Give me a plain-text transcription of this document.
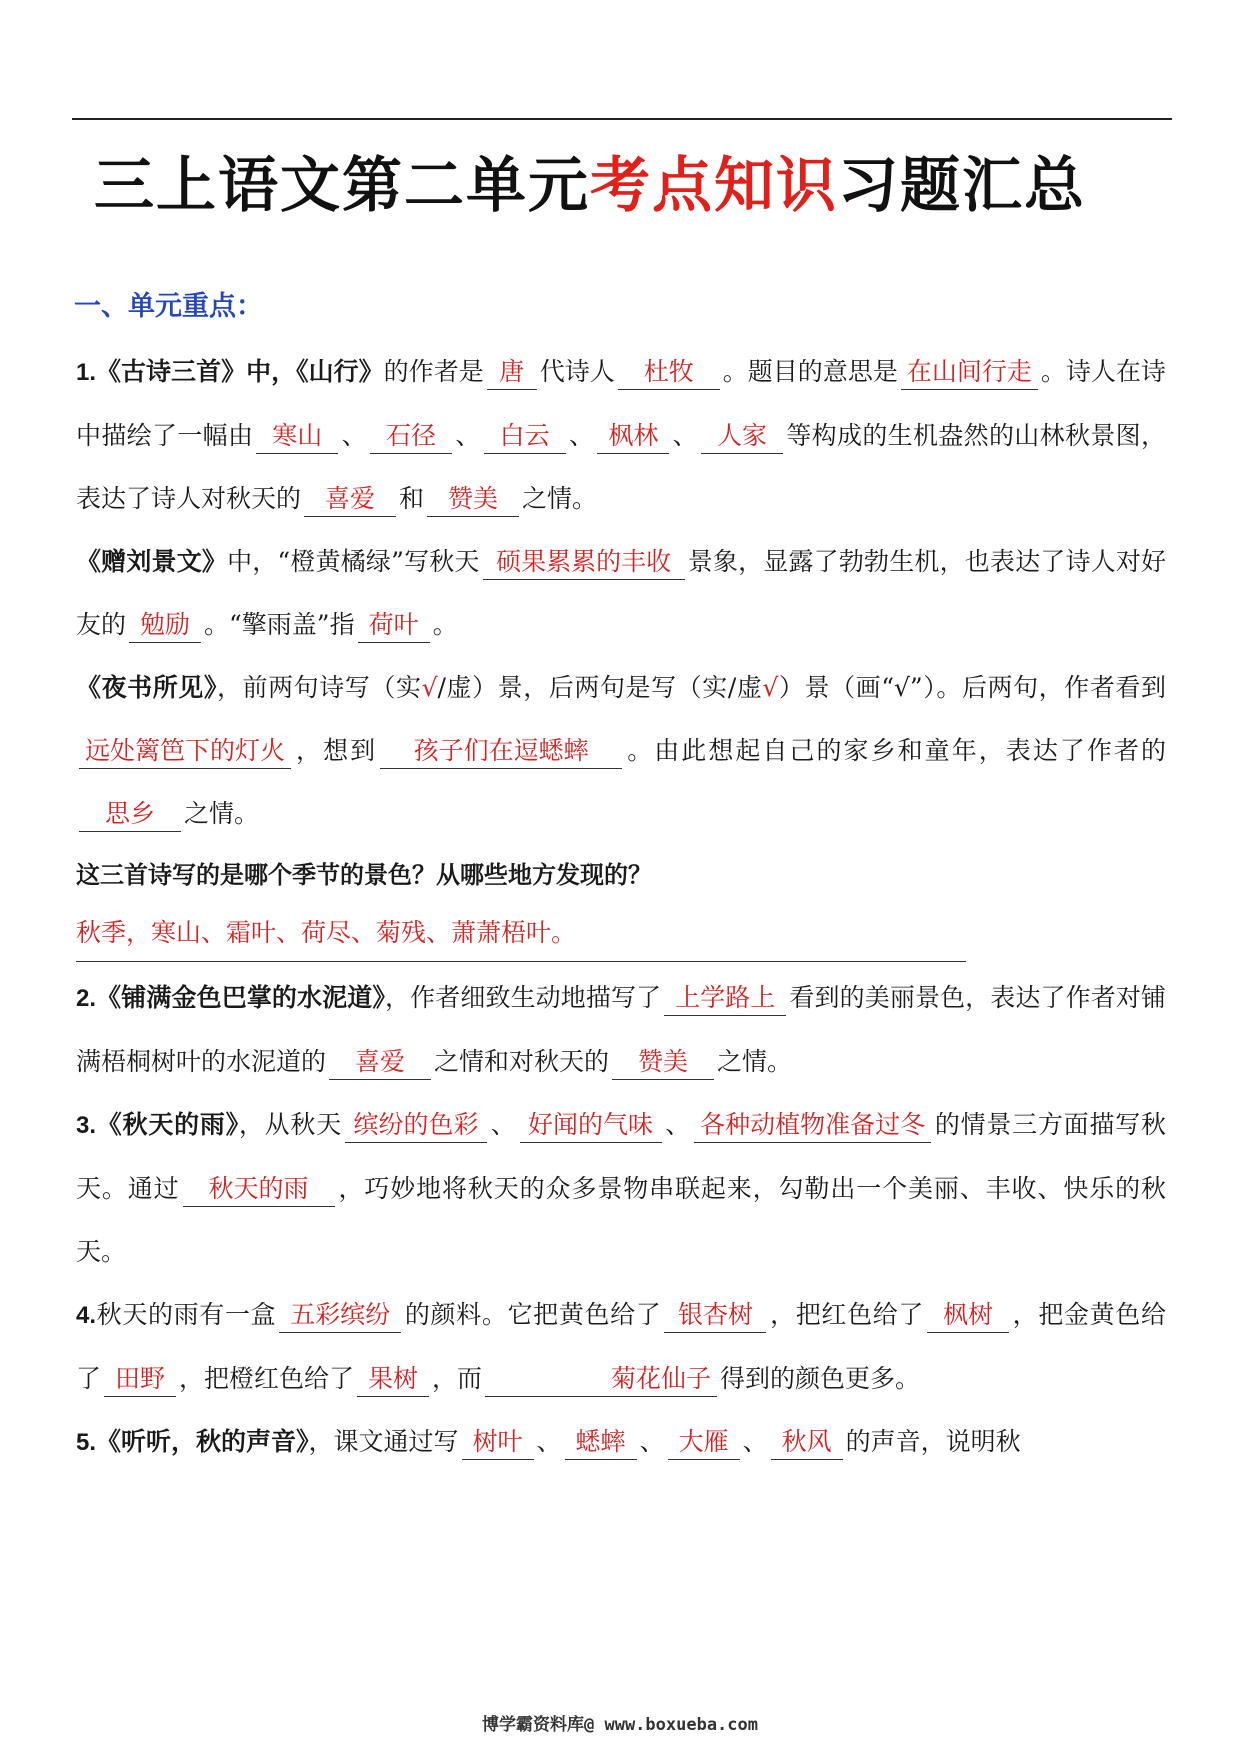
三上语文第二单元考点知识习题汇总
一、单元重点：

1.《古诗三首》中，《山行》的作者是 唐 代诗人 杜牧 。题目的意思是 在山间行走 。诗人在诗中描绘了一幅由 寒山 、 石径 、 白云 、 枫林 、 人家 等构成的生机盎然的山林秋景图，表达了诗人对秋天的 喜爱 和 赞美 之情。

《赠刘景文》中，“橙黄橘绿”写秋天 硕果累累的丰收 景象，显露了勃勃生机，也表达了诗人对好友的 勉励 。“擎雨盖”指 荷叶 。

《夜书所见》，前两句诗写（实√/虚）景，后两句是写（实/虚√）景（画“√”）。后两句，作者看到远处篱笆下的灯火 ，想到 孩子们在逗蟋蟀 。由此想起自己的家乡和童年，表达了作者的思乡 之情。

这三首诗写的是哪个季节的景色？从哪些地方发现的？

秋季，寒山、霜叶、荷尽、菊残、萧萧梧叶。

2.《铺满金色巴掌的水泥道》，作者细致生动地描写了 上学路上 看到的美丽景色，表达了作者对铺满梧桐树叶的水泥道的 喜爱 之情和对秋天的 赞美 之情。

3.《秋天的雨》，从秋天 缤纷的色彩 、 好闻的气味 、 各种动植物准备过冬 的情景三方面描写秋天。通过 秋天的雨 ，巧妙地将秋天的众多景物串联起来，勾勒出一个美丽、丰收、快乐的秋天。

4.秋天的雨有一盒 五彩缤纷 的颜料。它把黄色给了 银杏树 ，把红色给了 枫树 ，把金黄色给了 田野 ，把橙红色给了 果树 ，而	菊花仙子 得到的颜色更多。

5.《听听，秋的声音》，课文通过写 树叶 、 蟋蟀 、 大雁 、 秋风 的声音，说明秋

博学霸资料库@ www.boxueba.com
